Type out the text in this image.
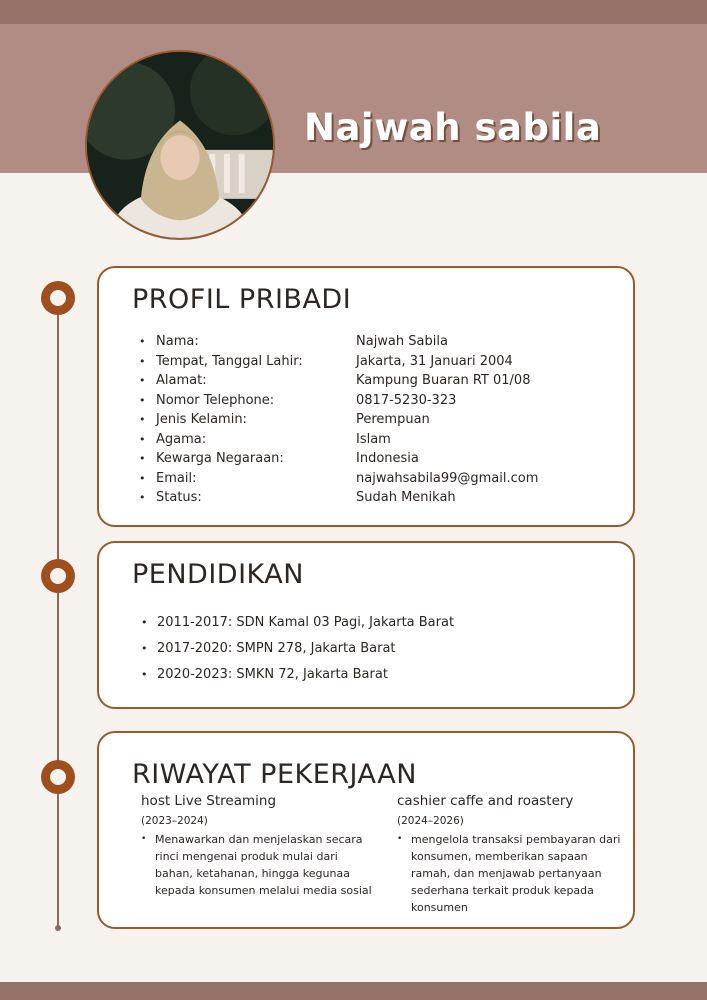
Najwah sabila
PROFIL PRIBADI
• Nama:	Najwah Sabila
• Tempat, Tanggal Lahir:	Jakarta, 31 Januari 2004
• Alamat:	Kampung Buaran RT 01/08
• Nomor Telephone:	0817-5230-323
• Jenis Kelamin:	Perempuan
• Agama:	Islam
• Kewarga Negaraan:	Indonesia
• Email:	najwahsabila99@gmail.com
• Status:	Sudah Menikah
PENDIDIKAN
• 2011-2017: SDN Kamal 03 Pagi, Jakarta Barat
• 2017-2020: SMPN 278, Jakarta Barat
• 2020-2023: SMKN 72, Jakarta Barat
RIWAYAT PEKERJAAN
host Live Streaming
(2023–2024)
• Menawarkan dan menjelaskan secara rinci mengenai produk mulai dari bahan, ketahanan, hingga kegunaa kepada konsumen melalui media sosial
cashier caffe and roastery
(2024–2026)
• mengelola transaksi pembayaran dari konsumen, memberikan sapaan ramah, dan menjawab pertanyaan sederhana terkait produk kepada konsumen
